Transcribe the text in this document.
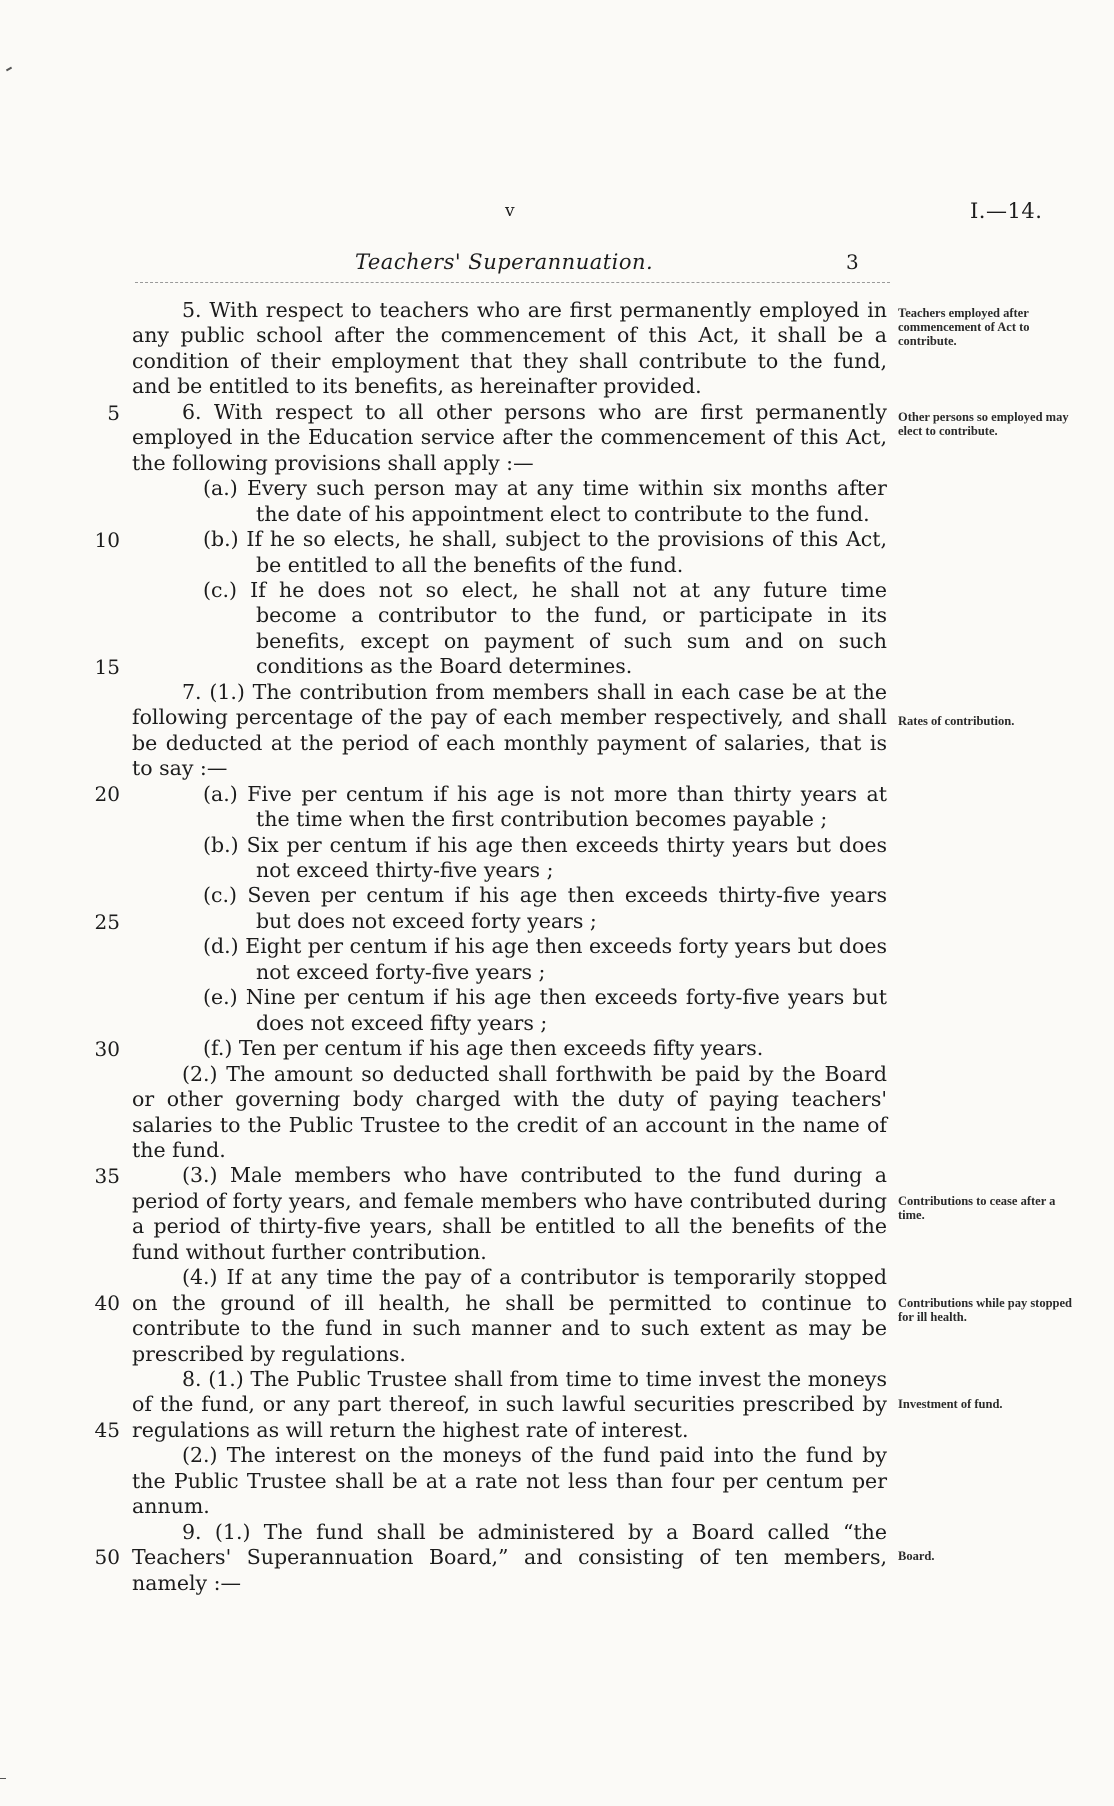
v	I.—14.
Teachers' Superannuation.	3
5
10
15
20
25
30
35
40
45
50

5. With respect to teachers who are first permanently employed in any public school after the commencement of this Act, it shall be a condition of their employment that they shall contribute to the fund, and be entitled to its benefits, as hereinafter provided.

6. With respect to all other persons who are first permanently employed in the Education service after the commencement of this Act, the following provisions shall apply :—

(a.) Every such person may at any time within six months after the date of his appointment elect to contribute to the fund.

(b.) If he so elects, he shall, subject to the provisions of this Act, be entitled to all the benefits of the fund.

(c.) If he does not so elect, he shall not at any future time become a contributor to the fund, or participate in its benefits, except on payment of such sum and on such conditions as the Board determines.

7. (1.) The contribution from members shall in each case be at the following percentage of the pay of each member respectively, and shall be deducted at the period of each monthly payment of salaries, that is to say :—

(a.) Five per centum if his age is not more than thirty years at the time when the first contribution becomes payable ;

(b.) Six per centum if his age then exceeds thirty years but does not exceed thirty-five years ;

(c.) Seven per centum if his age then exceeds thirty-five years but does not exceed forty years ;

(d.) Eight per centum if his age then exceeds forty years but does not exceed forty-five years ;

(e.) Nine per centum if his age then exceeds forty-five years but does not exceed fifty years ;

(f.) Ten per centum if his age then exceeds fifty years.

(2.) The amount so deducted shall forthwith be paid by the Board or other governing body charged with the duty of paying teachers' salaries to the Public Trustee to the credit of an account in the name of the fund.

(3.) Male members who have contributed to the fund during a period of forty years, and female members who have contributed during a period of thirty-five years, shall be entitled to all the benefits of the fund without further contribution.

(4.) If at any time the pay of a contributor is temporarily stopped on the ground of ill health, he shall be permitted to continue to contribute to the fund in such manner and to such extent as may be prescribed by regulations.

8. (1.) The Public Trustee shall from time to time invest the moneys of the fund, or any part thereof, in such lawful securities prescribed by regulations as will return the highest rate of interest.

(2.) The interest on the moneys of the fund paid into the fund by the Public Trustee shall be at a rate not less than four per centum per annum.

9. (1.) The fund shall be administered by a Board called “the Teachers' Superannuation Board,” and consisting of ten members, namely :—

Teachers employed after commencement of Act to contribute.
Other persons so employed may elect to contribute.
Rates of contribution.
Contributions to cease after a time.
Contributions while pay stopped for ill health.
Investment of fund.
Board.
